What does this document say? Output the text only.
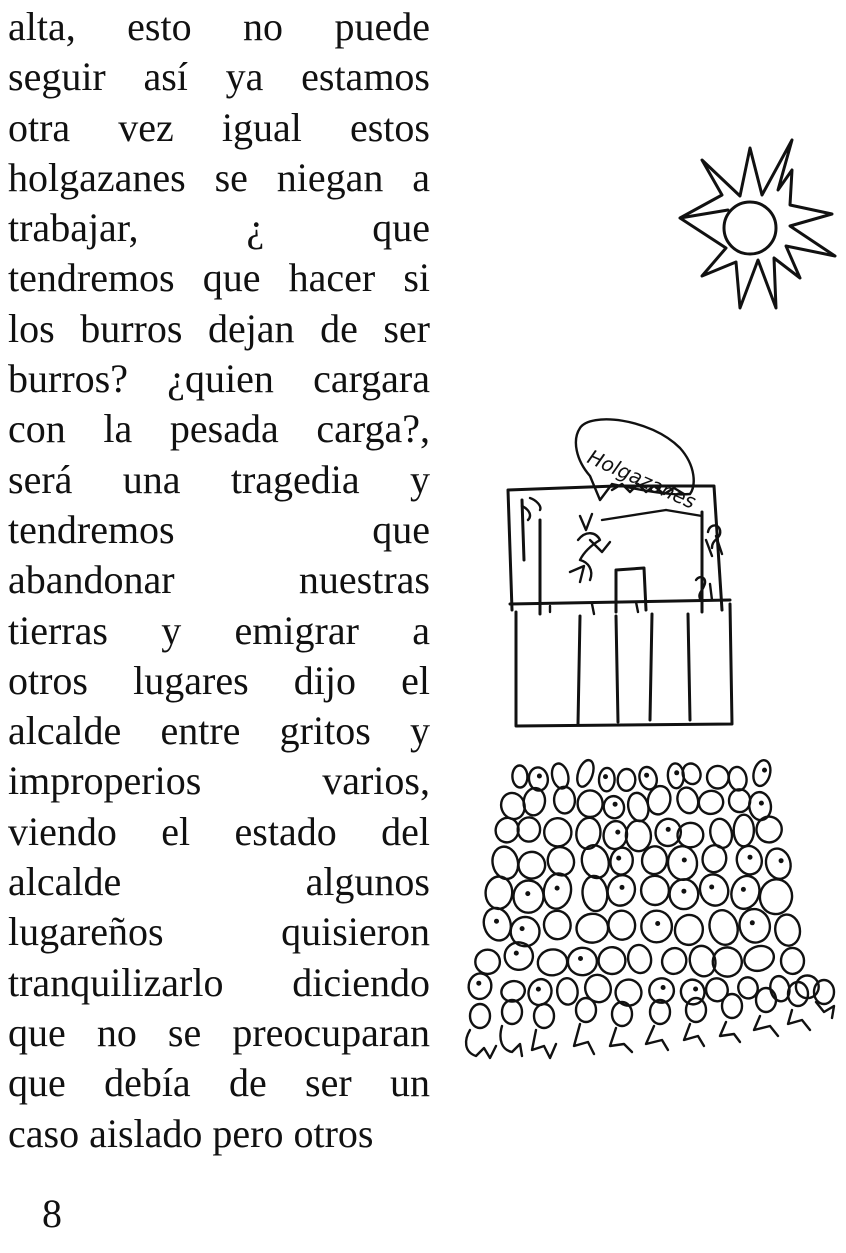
alta, esto no puede
seguir así ya estamos
otra vez igual estos
holgazanes se niegan a
trabajar,	¿	que
tendremos que hacer si
los burros dejan de ser
burros? ¿quien cargara
con la pesada carga?,
será una tragedia y
tendremos	que
abandonar	nuestras
tierras y emigrar a
otros lugares dijo el
alcalde entre gritos y
improperios	varios,
viendo el estado del
alcalde	algunos
lugareños	quisieron
tranquilizarlo diciendo
que no se preocuparan
que debía de ser un
caso aislado pero otros
8
Holgazanes
